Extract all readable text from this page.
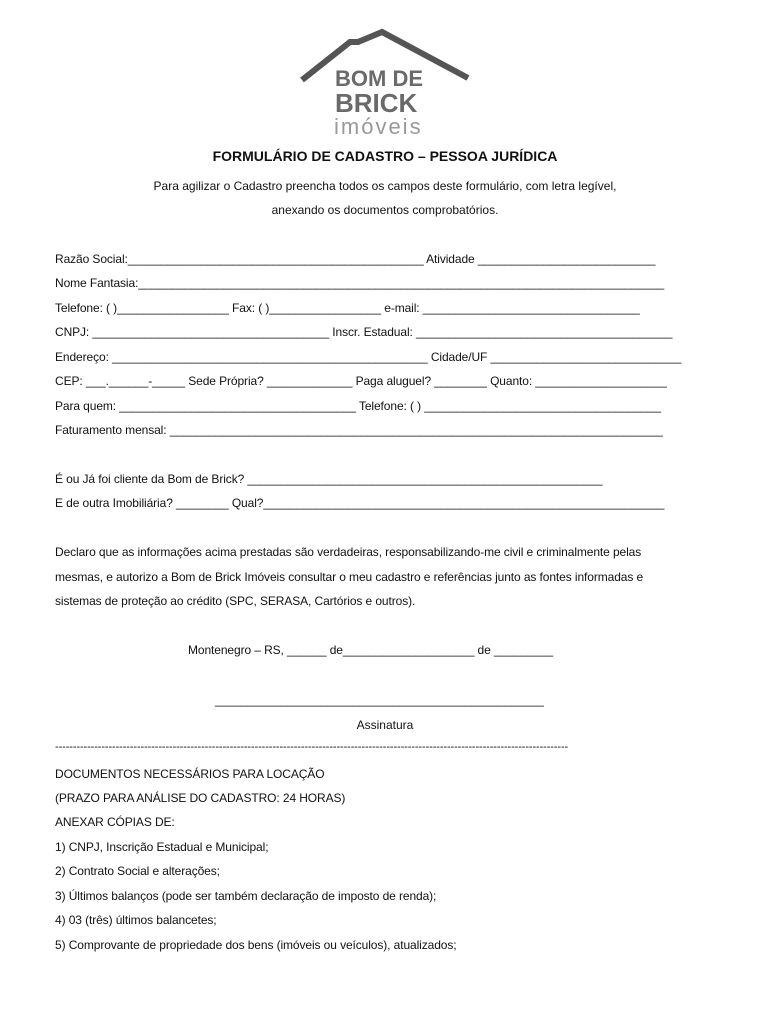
BOM DE
BRICK
imóveis
FORMULÁRIO DE CADASTRO – PESSOA JURÍDICA
Para agilizar o Cadastro preencha todos os campos deste formulário, com letra legível,
anexando os documentos comprobatórios.
Razão Social:_____________________________________________ Atividade ___________________________
Nome Fantasia:________________________________________________________________________________
Telefone: ( )_________________ Fax: ( )_________________ e-mail: _________________________________
CNPJ: ____________________________________ Inscr. Estadual: _______________________________________
Endereço: ________________________________________________ Cidade/UF _____________________________
CEP: ___.______-_____ Sede Própria? _____________ Paga aluguel? ________ Quanto: ____________________
Para quem: ____________________________________ Telefone: ( ) ____________________________________
Faturamento mensal: ___________________________________________________________________________
É ou Já foi cliente da Bom de Brick? ______________________________________________________
E de outra Imobiliária? ________ Qual?_____________________________________________________________
Declaro que as informações acima prestadas são verdadeiras, responsabilizando-me civil e criminalmente pelas
mesmas, e autorizo a Bom de Brick Imóveis consultar o meu cadastro e referências junto as fontes informadas e
sistemas de proteção ao crédito (SPC, SERASA, Cartórios e outros).
Montenegro – RS, ______ de____________________ de _________
__________________________________________________
Assinatura
------------------------------------------------------------------------------------------------------------------------------------------------
DOCUMENTOS NECESSÁRIOS PARA LOCAÇÃO
(PRAZO PARA ANÁLISE DO CADASTRO: 24 HORAS)
ANEXAR CÓPIAS DE:
1) CNPJ, Inscrição Estadual e Municipal;
2) Contrato Social e alterações;
3) Últimos balanços (pode ser também declaração de imposto de renda);
4) 03 (três) últimos balancetes;
5) Comprovante de propriedade dos bens (imóveis ou veículos), atualizados;
